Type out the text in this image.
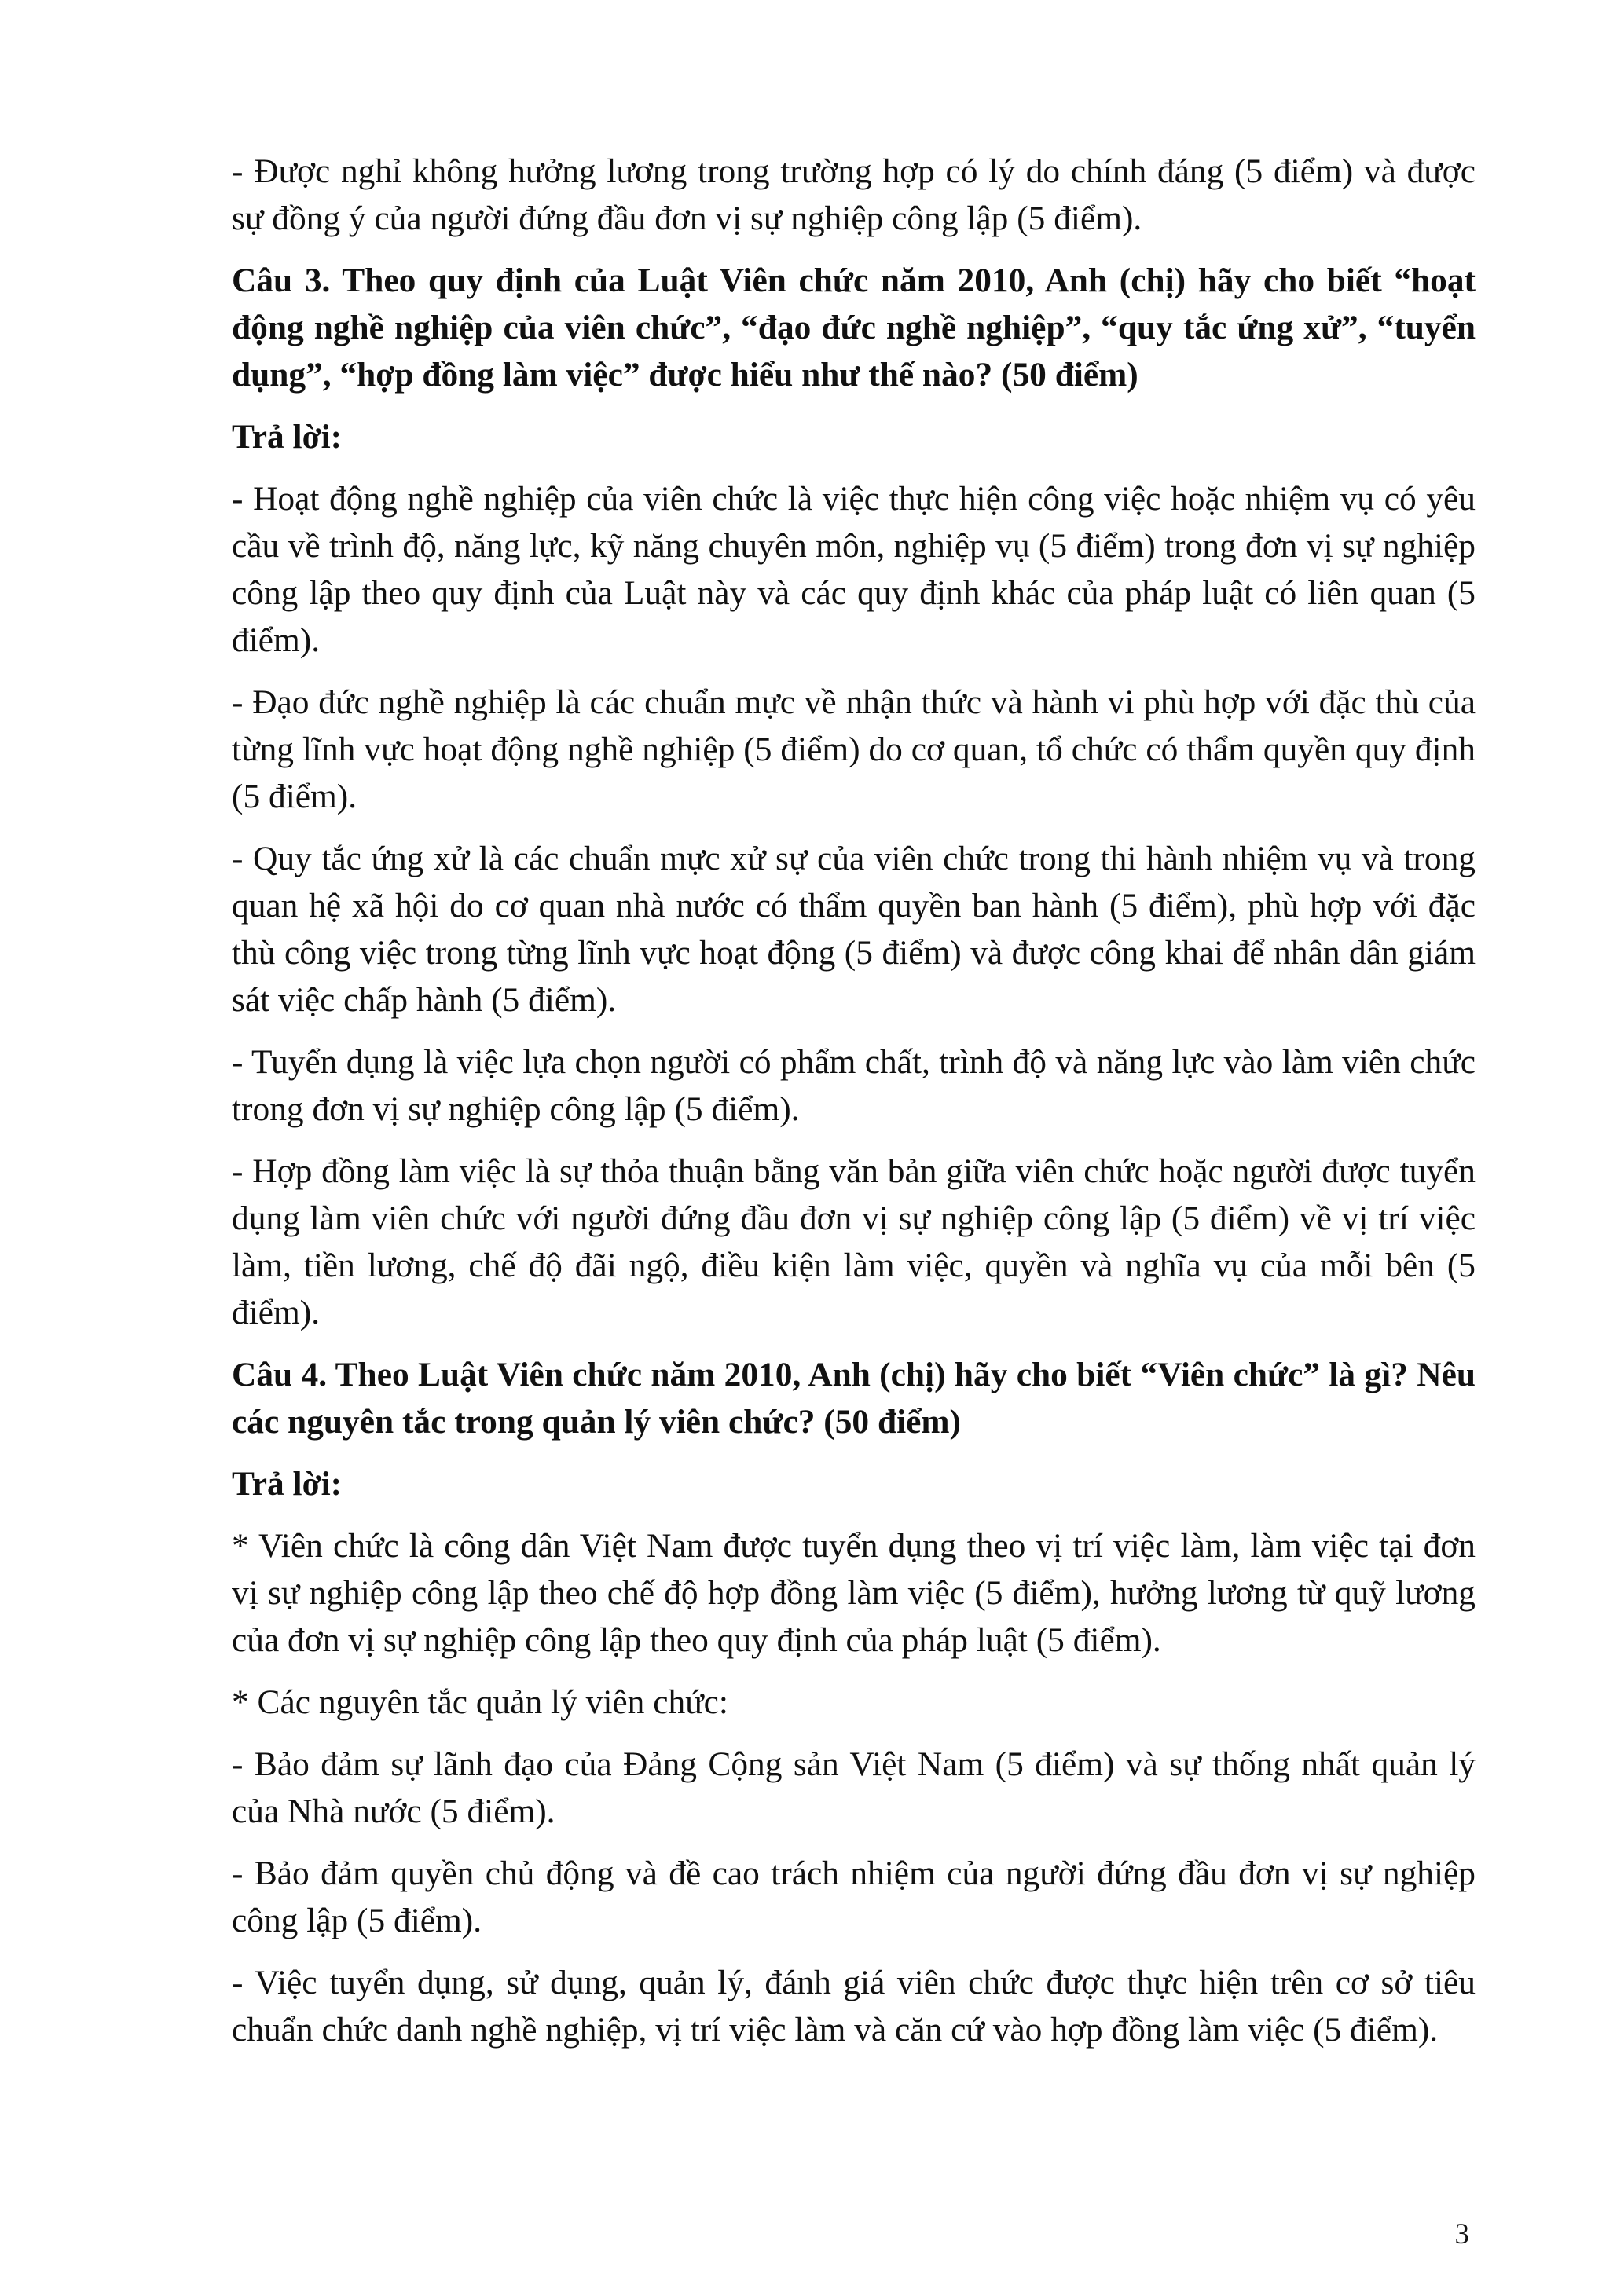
- Được nghỉ không hưởng lương trong trường hợp có lý do chính đáng (5 điểm) và được sự đồng ý của người đứng đầu đơn vị sự nghiệp công lập (5 điểm).

Câu 3. Theo quy định của Luật Viên chức năm 2010, Anh (chị) hãy cho biết “hoạt động nghề nghiệp của viên chức”, “đạo đức nghề nghiệp”, “quy tắc ứng xử”, “tuyển dụng”, “hợp đồng làm việc” được hiểu như thế nào? (50 điểm)

Trả lời:

- Hoạt động nghề nghiệp của viên chức là việc thực hiện công việc hoặc nhiệm vụ có yêu cầu về trình độ, năng lực, kỹ năng chuyên môn, nghiệp vụ (5 điểm) trong đơn vị sự nghiệp công lập theo quy định của Luật này và các quy định khác của pháp luật có liên quan (5 điểm).

- Đạo đức nghề nghiệp là các chuẩn mực về nhận thức và hành vi phù hợp với đặc thù của từng lĩnh vực hoạt động nghề nghiệp (5 điểm) do cơ quan, tổ chức có thẩm quyền quy định (5 điểm).

- Quy tắc ứng xử là các chuẩn mực xử sự của viên chức trong thi hành nhiệm vụ và trong quan hệ xã hội do cơ quan nhà nước có thẩm quyền ban hành (5 điểm), phù hợp với đặc thù công việc trong từng lĩnh vực hoạt động (5 điểm) và được công khai để nhân dân giám sát việc chấp hành (5 điểm).

- Tuyển dụng là việc lựa chọn người có phẩm chất, trình độ và năng lực vào làm viên chức trong đơn vị sự nghiệp công lập (5 điểm).

- Hợp đồng làm việc là sự thỏa thuận bằng văn bản giữa viên chức hoặc người được tuyển dụng làm viên chức với người đứng đầu đơn vị sự nghiệp công lập (5 điểm) về vị trí việc làm, tiền lương, chế độ đãi ngộ, điều kiện làm việc, quyền và nghĩa vụ của mỗi bên (5 điểm).

Câu 4. Theo Luật Viên chức năm 2010, Anh (chị) hãy cho biết “Viên chức” là gì? Nêu các nguyên tắc trong quản lý viên chức? (50 điểm)

Trả lời:

* Viên chức là công dân Việt Nam được tuyển dụng theo vị trí việc làm, làm việc tại đơn vị sự nghiệp công lập theo chế độ hợp đồng làm việc (5 điểm), hưởng lương từ quỹ lương của đơn vị sự nghiệp công lập theo quy định của pháp luật (5 điểm).

* Các nguyên tắc quản lý viên chức:

- Bảo đảm sự lãnh đạo của Đảng Cộng sản Việt Nam (5 điểm) và sự thống nhất quản lý của Nhà nước (5 điểm).

- Bảo đảm quyền chủ động và đề cao trách nhiệm của người đứng đầu đơn vị sự nghiệp công lập (5 điểm).

- Việc tuyển dụng, sử dụng, quản lý, đánh giá viên chức được thực hiện trên cơ sở tiêu chuẩn chức danh nghề nghiệp, vị trí việc làm và căn cứ vào hợp đồng làm việc (5 điểm).

3
